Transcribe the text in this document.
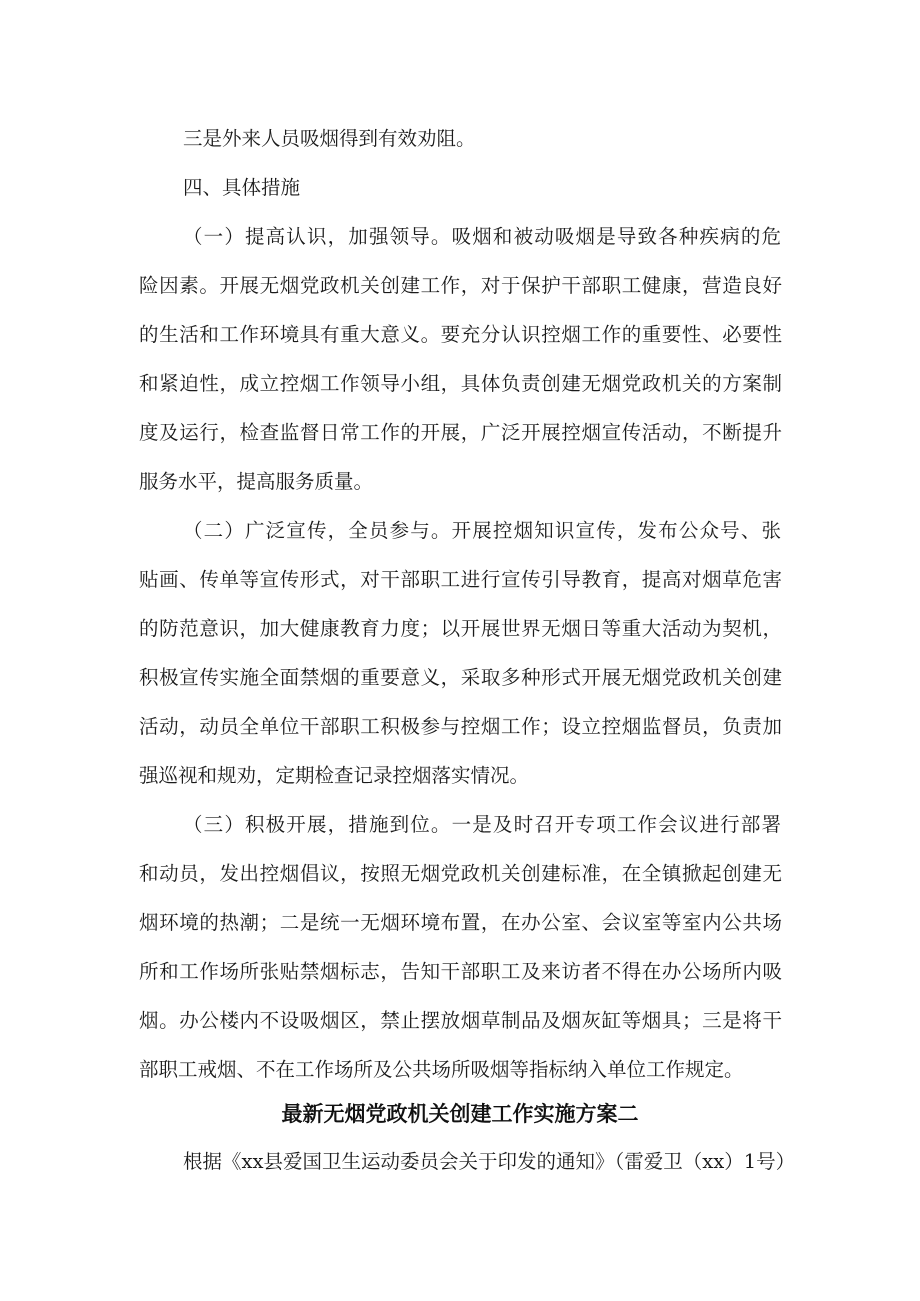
三是外来人员吸烟得到有效劝阻。
四、具体措施
（一）提高认识，加强领导。吸烟和被动吸烟是导致各种疾病的危
险因素。开展无烟党政机关创建工作，对于保护干部职工健康，营造良好
的生活和工作环境具有重大意义。要充分认识控烟工作的重要性、必要性
和紧迫性，成立控烟工作领导小组，具体负责创建无烟党政机关的方案制
度及运行，检查监督日常工作的开展，广泛开展控烟宣传活动，不断提升
服务水平，提高服务质量。
（二）广泛宣传，全员参与。开展控烟知识宣传，发布公众号、张
贴画、传单等宣传形式，对干部职工进行宣传引导教育，提高对烟草危害
的防范意识，加大健康教育力度；以开展世界无烟日等重大活动为契机，
积极宣传实施全面禁烟的重要意义，采取多种形式开展无烟党政机关创建
活动，动员全单位干部职工积极参与控烟工作；设立控烟监督员，负责加
强巡视和规劝，定期检查记录控烟落实情况。
（三）积极开展，措施到位。一是及时召开专项工作会议进行部署
和动员，发出控烟倡议，按照无烟党政机关创建标准，在全镇掀起创建无
烟环境的热潮；二是统一无烟环境布置，在办公室、会议室等室内公共场
所和工作场所张贴禁烟标志，告知干部职工及来访者不得在办公场所内吸
烟。办公楼内不设吸烟区，禁止摆放烟草制品及烟灰缸等烟具；三是将干
部职工戒烟、不在工作场所及公共场所吸烟等指标纳入单位工作规定。
最新无烟党政机关创建工作实施方案二
根据《xx县爱国卫生运动委员会关于印发的通知》（雷爱卫（xx）1号）
